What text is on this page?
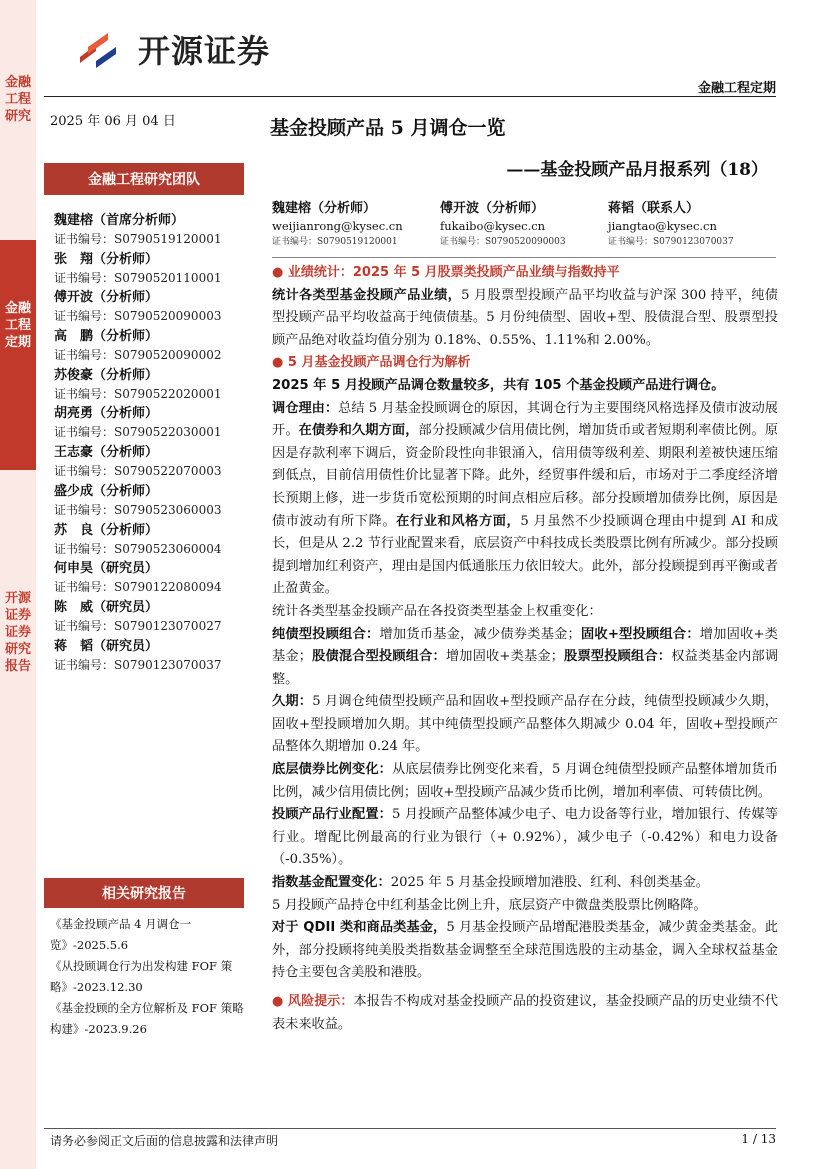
金融工程研究
金融工程定期
开源证券证券研究报告
开源证券
金融工程定期
2025 年 06 月 04 日	基金投顾产品 5 月调仓一览
——基金投顾产品月报系列（18）
金融工程研究团队
魏建榕（首席分析师）
证书编号：S0790519120001
张　翔（分析师）
证书编号：S0790520110001
傅开波（分析师）
证书编号：S0790520090003
高　鹏（分析师）
证书编号：S0790520090002
苏俊豪（分析师）
证书编号：S0790522020001
胡亮勇（分析师）
证书编号：S0790522030001
王志豪（分析师）
证书编号：S0790522070003
盛少成（分析师）
证书编号：S0790523060003
苏　良（分析师）
证书编号：S0790523060004
何申昊（研究员）
证书编号：S0790122080094
陈　威（研究员）
证书编号：S0790123070027
蒋　韬（研究员）
证书编号：S0790123070037
相关研究报告
《基金投顾产品 4 月调仓一览》-2025.5.6
《从投顾调仓行为出发构建 FOF 策略》-2023.12.30
《基金投顾的全方位解析及 FOF 策略构建》-2023.9.26
魏建榕（分析师）
weijianrong@kysec.cn
证书编号：S0790519120001
傅开波（分析师）
fukaibo@kysec.cn
证书编号：S0790520090003
蒋韬（联系人）
jiangtao@kysec.cn
证书编号：S0790123070037

● 业绩统计：2025 年 5 月股票类投顾产品业绩与指数持平

统计各类型基金投顾产品业绩，5 月股票型投顾产品平均收益与沪深 300 持平，纯债型投顾产品平均收益高于纯债债基。5 月份纯债型、固收+型、股债混合型、股票型投顾产品绝对收益均值分别为 0.18%、0.55%、1.11%和 2.00%。

● 5 月基金投顾产品调仓行为解析

2025 年 5 月投顾产品调仓数量较多，共有 105 个基金投顾产品进行调仓。

调仓理由：总结 5 月基金投顾调仓的原因，其调仓行为主要围绕风格选择及债市波动展开。在债券和久期方面，部分投顾减少信用债比例，增加货币或者短期利率债比例。原因是存款利率下调后，资金阶段性向非银涌入，信用债等级利差、期限利差被快速压缩到低点，目前信用债性价比显著下降。此外，经贸事件缓和后，市场对于二季度经济增长预期上修，进一步货币宽松预期的时间点相应后移。部分投顾增加债券比例，原因是债市波动有所下降。在行业和风格方面，5 月虽然不少投顾调仓理由中提到 AI 和成长，但是从 2.2 节行业配置来看，底层资产中科技成长类股票比例有所减少。部分投顾提到增加红利资产，理由是国内低通胀压力依旧较大。此外，部分投顾提到再平衡或者止盈黄金。

统计各类型基金投顾产品在各投资类型基金上权重变化：

纯债型投顾组合：增加货币基金，减少债券类基金；固收+型投顾组合：增加固收+类基金；股债混合型投顾组合：增加固收+类基金；股票型投顾组合：权益类基金内部调整。

久期：5 月调仓纯债型投顾产品和固收+型投顾产品存在分歧，纯债型投顾减少久期，固收+型投顾增加久期。其中纯债型投顾产品整体久期减少 0.04 年，固收+型投顾产品整体久期增加 0.24 年。

底层债券比例变化：从底层债券比例变化来看，5 月调仓纯债型投顾产品整体增加货币比例，减少信用债比例；固收+型投顾产品减少货币比例，增加利率债、可转债比例。

投顾产品行业配置：5 月投顾产品整体减少电子、电力设备等行业，增加银行、传媒等行业。增配比例最高的行业为银行（+ 0.92%），减少电子（-0.42%）和电力设备（-0.35%）。

指数基金配置变化：2025 年 5 月基金投顾增加港股、红利、科创类基金。

5 月投顾产品持仓中红利基金比例上升，底层资产中微盘类股票比例略降。

对于 QDII 类和商品类基金，5 月基金投顾产品增配港股类基金，减少黄金类基金。此外，部分投顾将纯美股类指数基金调整至全球范围选股的主动基金，调入全球权益基金持仓主要包含美股和港股。

● 风险提示：本报告不构成对基金投顾产品的投资建议，基金投顾产品的历史业绩不代表未来收益。

请务必参阅正文后面的信息披露和法律声明	1 / 13
